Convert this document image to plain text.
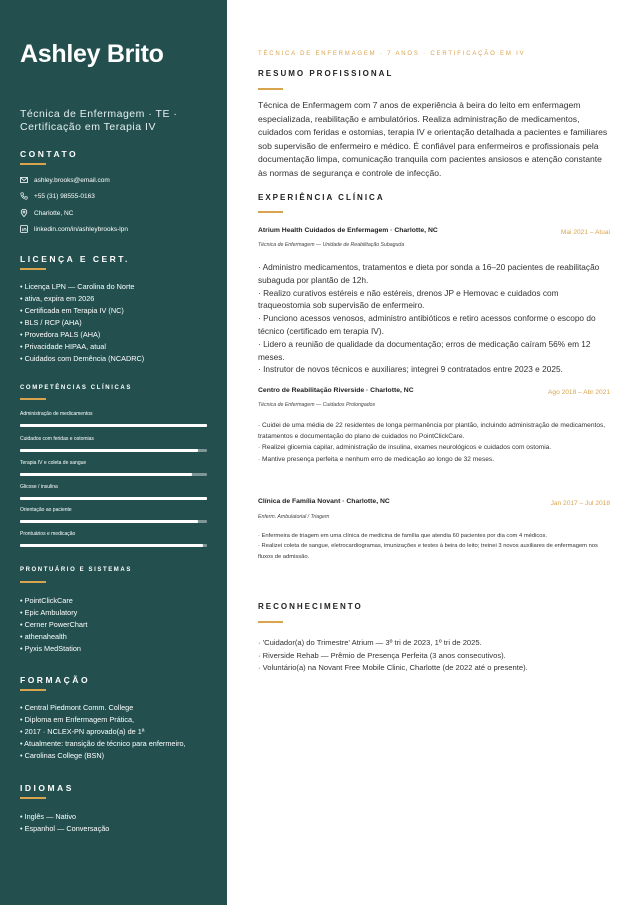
Ashley Brito
Técnica de Enfermagem · TE · Certificação em Terapia IV
CONTATO
ashley.brooks@email.com
+55 (31) 98555-0163
Charlotte, NC
linkedin.com/in/ashleybrooks-lpn
LICENÇA E CERT.
• Licença LPN — Carolina do Norte
• ativa, expira em 2026
• Certificada em Terapia IV (NC)
• BLS / RCP (AHA)
• Provedora PALS (AHA)
• Privacidade HIPAA, atual
• Cuidados com Demência (NCADRC)
COMPETÊNCIAS CLÍNICAS
Administração de medicamentos
Cuidados com feridas e ostomias
Terapia IV e coleta de sangue
Glicose / insulina
Orientação ao paciente
Prontuários e medicação
PRONTUÁRIO E SISTEMAS
• PointClickCare
• Epic Ambulatory
• Cerner PowerChart
• athenahealth
• Pyxis MedStation
FORMAÇÃO
• Central Piedmont Comm. College
• Diploma em Enfermagem Prática,
• 2017 · NCLEX-PN aprovado(a) de 1ª
• Atualmente: transição de técnico para enfermeiro,
• Carolinas College (BSN)
IDIOMAS
• Inglês — Nativo
• Espanhol — Conversação
TÉCNICA DE ENFERMAGEM · 7 ANOS · CERTIFICAÇÃO EM IV
RESUMO PROFISSIONAL
Técnica de Enfermagem com 7 anos de experiência à beira do leito em enfermagem especializada, reabilitação e ambulatórios. Realiza administração de medicamentos, cuidados com feridas e ostomias, terapia IV e orientação detalhada a pacientes e familiares sob supervisão de enfermeiro e médico. É confiável para enfermeiros e profissionais pela documentação limpa, comunicação tranquila com pacientes ansiosos e atenção constante às normas de segurança e controle de infecção.
EXPERIÊNCIA CLÍNICA
Atrium Health Cuidados de Enfermagem · Charlotte, NC	Mai 2021 – Atual
Técnica de Enfermagem — Unidade de Reabilitação Subaguda
· Administro medicamentos, tratamentos e dieta por sonda a 16–20 pacientes de reabilitação subaguda por plantão de 12h.
· Realizo curativos estéreis e não estéreis, drenos JP e Hemovac e cuidados com traqueostomia sob supervisão de enfermeiro.
· Punciono acessos venosos, administro antibióticos e retiro acessos conforme o escopo do técnico (certificado em terapia IV).
· Lidero a reunião de qualidade da documentação; erros de medicação caíram 56% em 12 meses.
· Instrutor de novos técnicos e auxiliares; integrei 9 contratados entre 2023 e 2025.
Centro de Reabilitação Riverside · Charlotte, NC	Ago 2018 – Abr 2021
Técnica de Enfermagem — Cuidados Prolongados
· Cuidei de uma média de 22 residentes de longa permanência por plantão, incluindo administração de medicamentos, tratamentos e documentação do plano de cuidados no PointClickCare.
· Realizei glicemia capilar, administração de insulina, exames neurológicos e cuidados com ostomia.
· Mantive presença perfeita e nenhum erro de medicação ao longo de 32 meses.
Clínica de Família Novant · Charlotte, NC	Jan 2017 – Jul 2018
Enferm. Ambulatorial / Triagem
· Enfermeira de triagem em uma clínica de medicina de família que atendia 60 pacientes por dia com 4 médicos.
· Realizei coleta de sangue, eletrocardiogramas, imunizações e testes à beira do leito; treinei 3 novos auxiliares de enfermagem nos fluxos de admissão.
RECONHECIMENTO
· 'Cuidador(a) do Trimestre' Atrium — 3º tri de 2023, 1º tri de 2025.
· Riverside Rehab — Prêmio de Presença Perfeita (3 anos consecutivos).
· Voluntário(a) na Novant Free Mobile Clinic, Charlotte (de 2022 até o presente).
